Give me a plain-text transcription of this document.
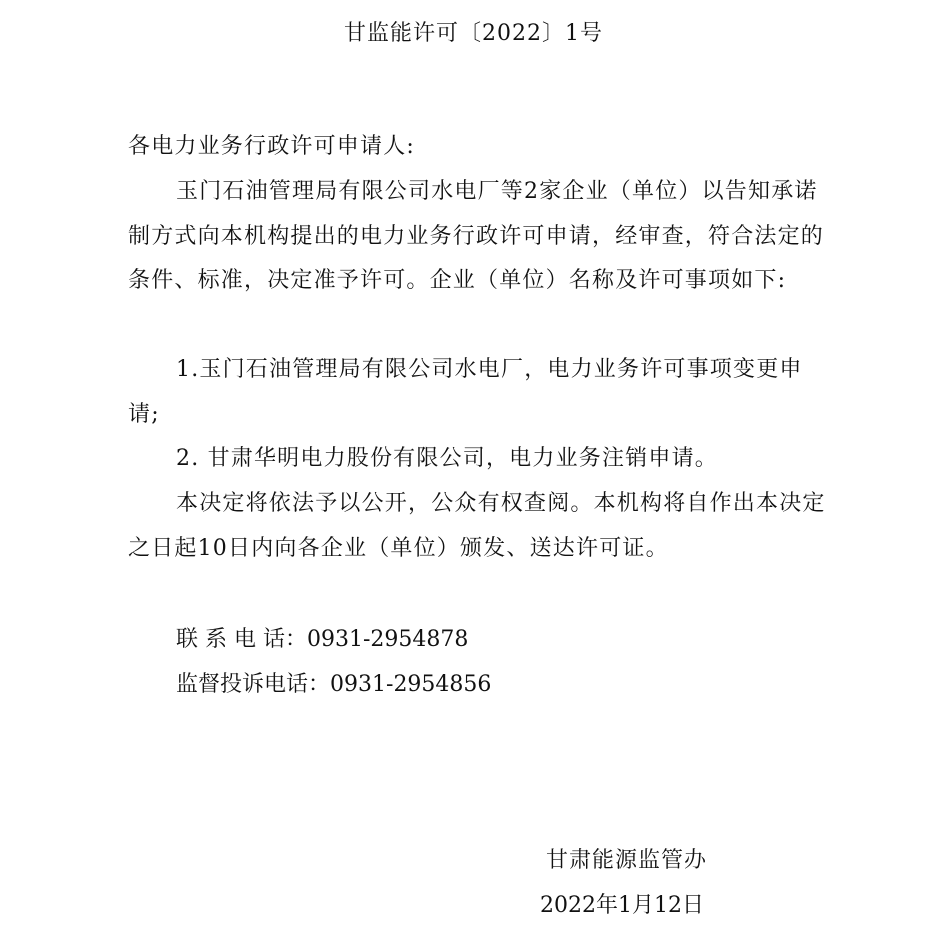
甘监能许可〔2022〕1号
各电力业务行政许可申请人:

玉门石油管理局有限公司水电厂等2家企业（单位）以告知承诺制方式向本机构提出的电力业务行政许可申请，经审查，符合法定的条件、标准，决定准予许可。企业（单位）名称及许可事项如下:

1.玉门石油管理局有限公司水电厂，电力业务许可事项变更申请;

2. 甘肃华明电力股份有限公司，电力业务注销申请。

本决定将依法予以公开，公众有权查阅。本机构将自作出本决定之日起10日内向各企业（单位）颁发、送达许可证。

联 系 电 话：0931-2954878
监督投诉电话：0931-2954856
甘肃能源监管办
2022年1月12日
